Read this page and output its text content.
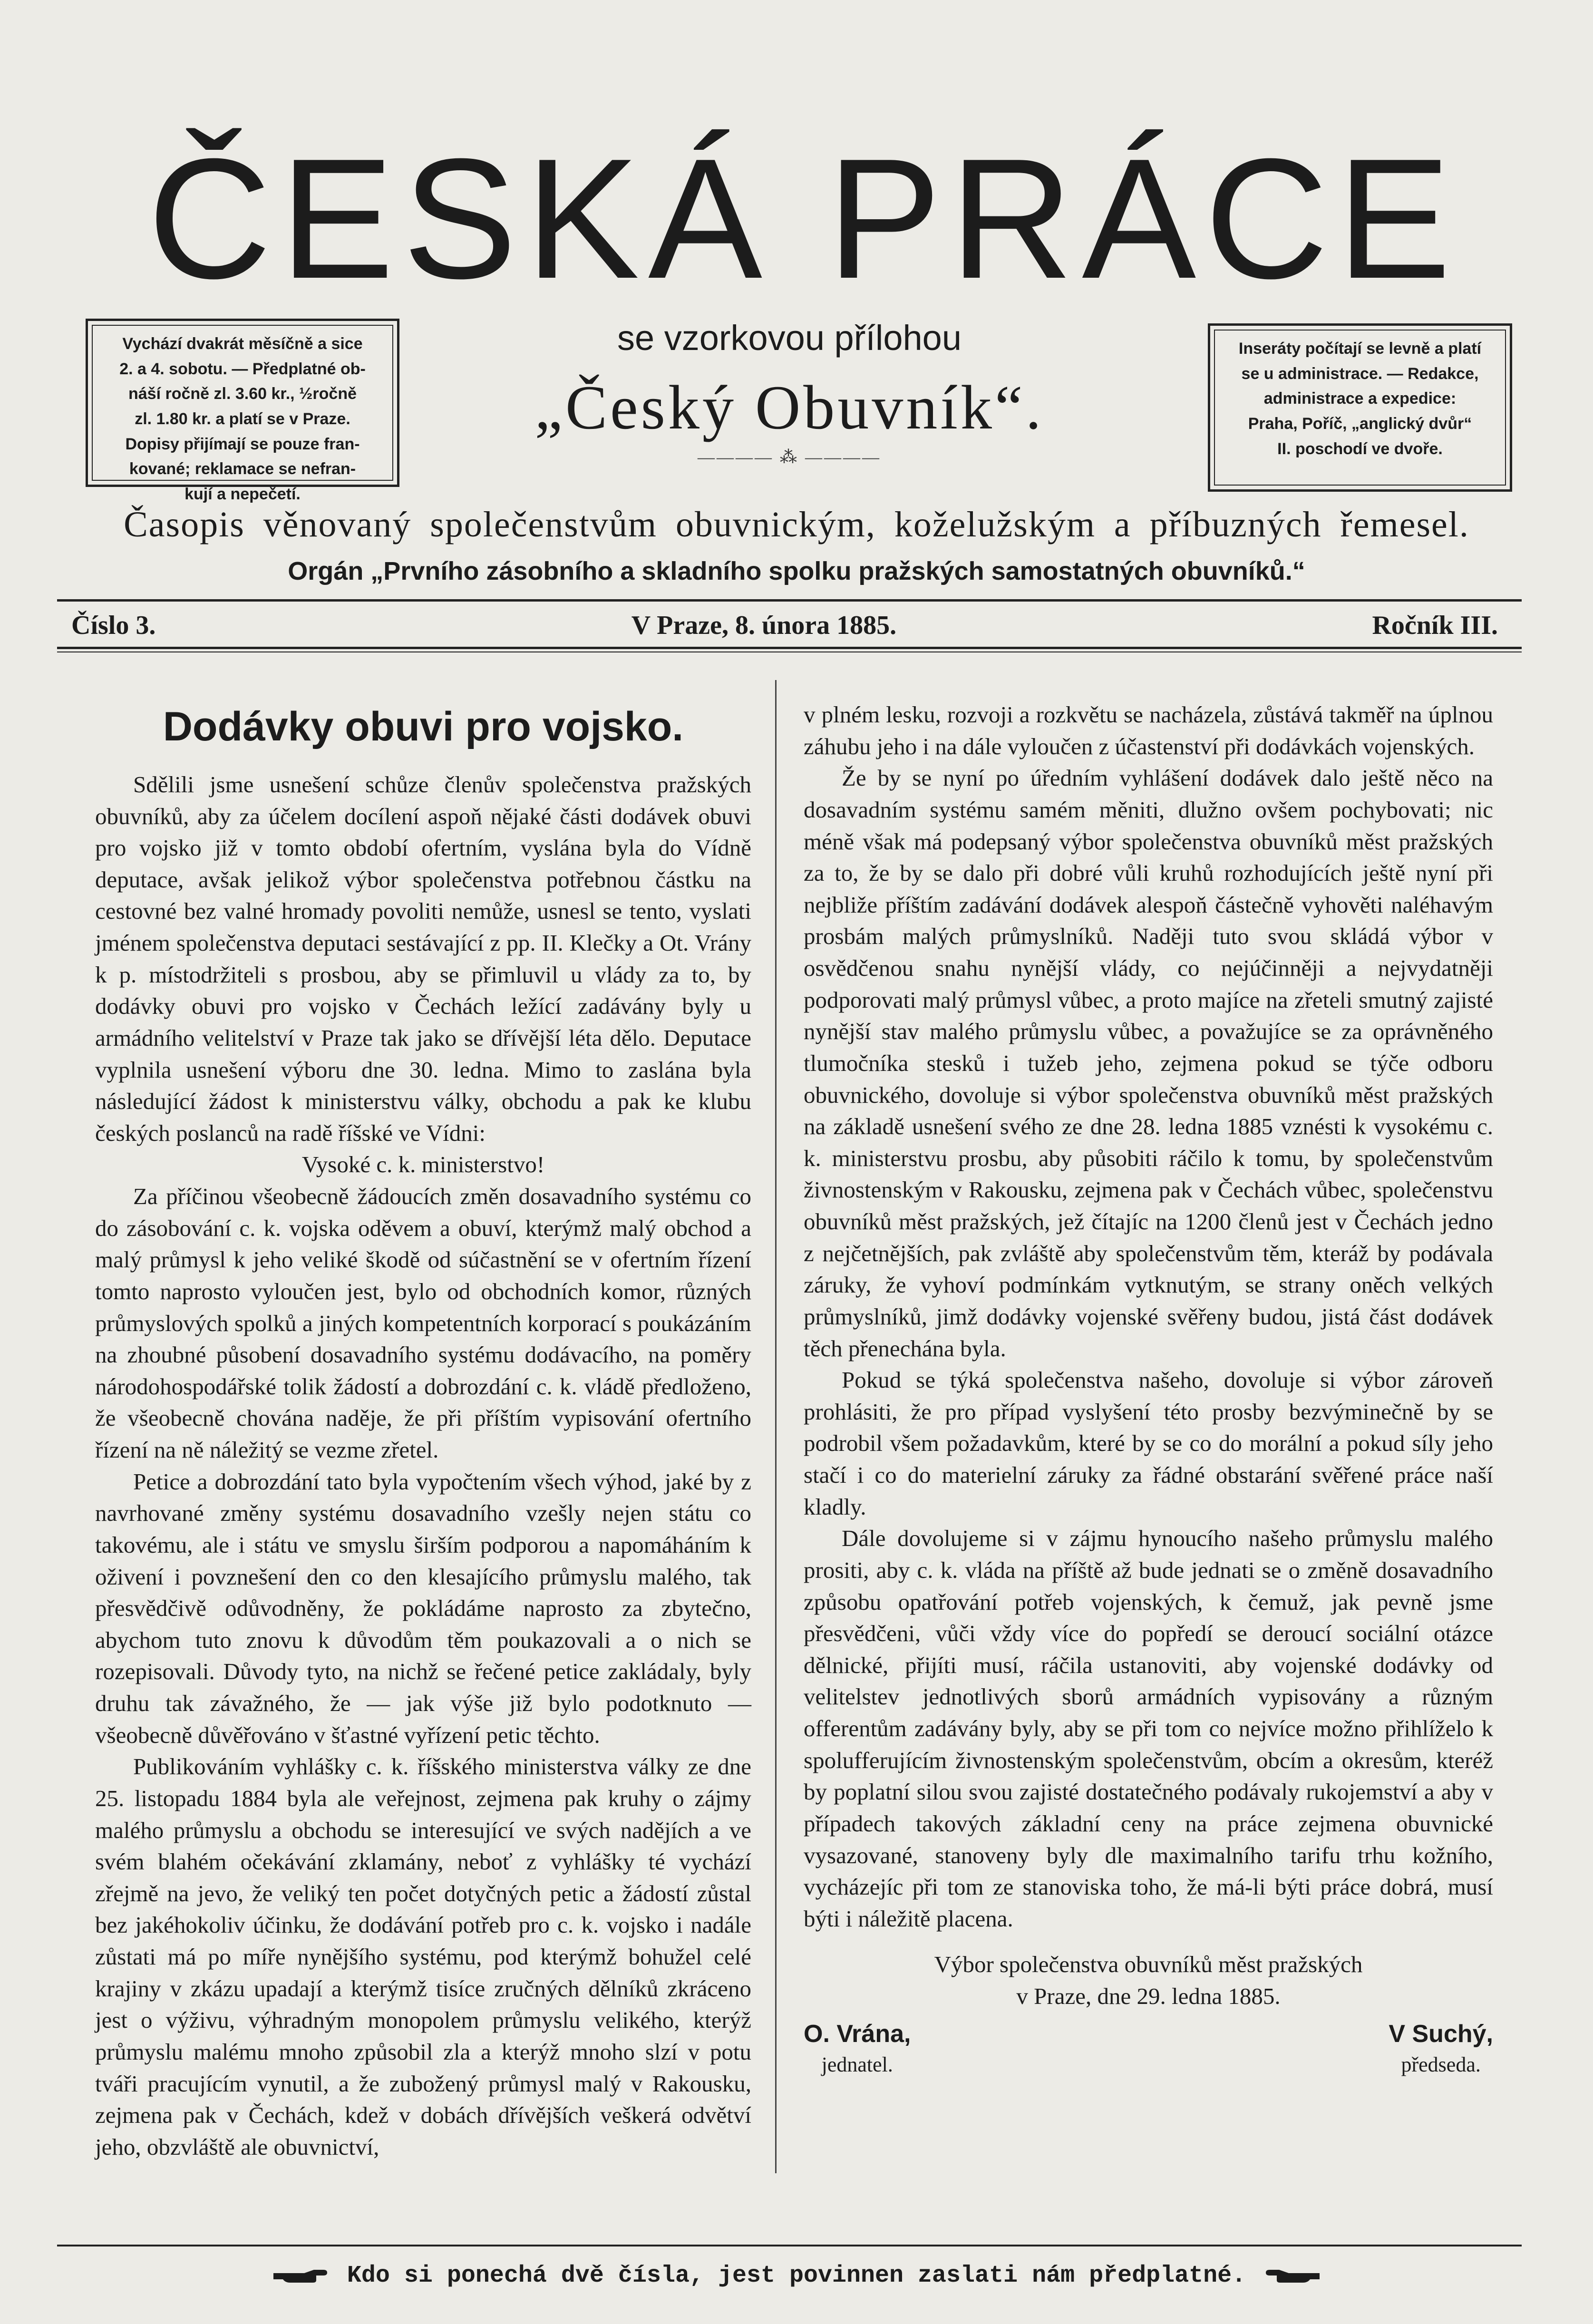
ČESKÁ PRÁCE

Vychází dvakrát měsíčně a sice

2. a 4. sobotu. — Předplatné ob-

náší ročně zl. 3.60 kr., ½ročně

zl. 1.80 kr. a platí se v Praze.

Dopisy přijímají se pouze fran-

kované; reklamace se nefran-

kují a nepečetí.

se vzorkovou přílohou
„Český Obuvník“.
———— ⁂ ————

Inseráty počítají se levně a platí

se u administrace. — Redakce,

administrace a expedice:

Praha, Poříč, „anglický dvůr“

II. poschodí ve dvoře.

Časopis věnovaný společenstvům obuvnickým, koželužským a příbuzných řemesel.
Orgán „Prvního zásobního a skladního spolku pražských samostatných obuvníků.“
Číslo 3.	V Praze, 8. února 1885.	Ročník III.
Dodávky obuvi pro vojsko.

Sdělili jsme usnešení schůze členův společenstva pražských obuvníků, aby za účelem docílení aspoň nějaké části dodávek obuvi pro vojsko již v tomto období ofertním, vyslána byla do Vídně deputace, avšak jelikož výbor společenstva potřebnou částku na cestovné bez valné hromady povoliti nemůže, usnesl se tento, vyslati jménem společenstva deputaci sestávající z pp. II. Klečky a Ot. Vrány k p. místodržiteli s prosbou, aby se přimluvil u vlády za to, by dodávky obuvi pro vojsko v Čechách ležící zadávány byly u armádního velitelství v Praze tak jako se dřívější léta dělo. Deputace vyplnila usnešení výboru dne 30. ledna. Mimo to zaslána byla následující žádost k ministerstvu války, obchodu a pak ke klubu českých poslanců na radě říšské ve Vídni:

Vysoké c. k. ministerstvo!

Za příčinou všeobecně žádoucích změn dosavadního systému co do zásobování c. k. vojska oděvem a obuví, kterýmž malý obchod a malý průmysl k jeho veliké škodě od súčastnění se v ofertním řízení tomto naprosto vyloučen jest, bylo od obchodních komor, různých průmyslových spolků a jiných kompetentních korporací s poukázáním na zhoubné působení dosavadního systému dodávacího, na poměry národohospodářské tolik žádostí a dobrozdání c. k. vládě předloženo, že všeobecně chována naděje, že při příštím vypisování ofertního řízení na ně náležitý se vezme zřetel.

Petice a dobrozdání tato byla vypočtením všech výhod, jaké by z navrhované změny systému dosavadního vzešly nejen státu co takovému, ale i státu ve smyslu širším podporou a napomáháním k oživení i povznešení den co den klesajícího průmyslu malého, tak přesvědčivě odůvodněny, že pokládáme naprosto za zbytečno, abychom tuto znovu k důvodům těm poukazovali a o nich se rozepisovali. Důvody tyto, na nichž se řečené petice zakládaly, byly druhu tak závažného, že — jak výše již bylo podotknuto — všeobecně důvěřováno v šťastné vyřízení petic těchto.

Publikováním vyhlášky c. k. říšského ministerstva války ze dne 25. listopadu 1884 byla ale veřejnost, zejmena pak kruhy o zájmy malého průmyslu a obchodu se interesující ve svých nadějích a ve svém blahém očekávání zklamány, neboť z vyhlášky té vychází zřejmě na jevo, že veliký ten počet dotyčných petic a žádostí zůstal bez jakéhokoliv účinku, že dodávání potřeb pro c. k. vojsko i nadále zůstati má po míře nynějšího systému, pod kterýmž bohužel celé krajiny v zkázu upadají a kterýmž tisíce zručných dělníků zkráceno jest o výživu, výhradným monopolem průmyslu velikého, kterýž průmyslu malému mnoho způsobil zla a kterýž mnoho slzí v potu tváři pracujícím vynutil, a že zubožený průmysl malý v Rakousku, zejmena pak v Čechách, kdež v dobách dřívějších veškerá odvětví jeho, obzvláště ale obuvnictví,

v plném lesku, rozvoji a rozkvětu se nacházela, zůstává takměř na úplnou záhubu jeho i na dále vyloučen z účastenství při dodávkách vojenských.

Že by se nyní po úředním vyhlášení dodávek dalo ještě něco na dosavadním systému samém měniti, dlužno ovšem pochybovati; nic méně však má podepsaný výbor společenstva obuvníků měst pražských za to, že by se dalo při dobré vůli kruhů rozhodujících ještě nyní při nejbliže příštím zadávání dodávek alespoň částečně vyhověti naléhavým prosbám malých průmyslníků. Naději tuto svou skládá výbor v osvědčenou snahu nynější vlády, co nejúčinněji a nejvydatněji podporovati malý průmysl vůbec, a proto majíce na zřeteli smutný zajisté nynější stav malého průmyslu vůbec, a považujíce se za oprávněného tlumočníka stesků i tužeb jeho, zejmena pokud se týče odboru obuvnického, dovoluje si výbor společenstva obuvníků měst pražských na základě usnešení svého ze dne 28. ledna 1885 vznésti k vysokému c. k. ministerstvu prosbu, aby působiti ráčilo k tomu, by společenstvům živnostenským v Rakousku, zejmena pak v Čechách vůbec, společenstvu obuvníků měst pražských, jež čítajíc na 1200 členů jest v Čechách jedno z nejčetnějších, pak zvláště aby společenstvům těm, kteráž by podávala záruky, že vyhoví podmínkám vytknutým, se strany oněch velkých průmyslníků, jimž dodávky vojenské svěřeny budou, jistá část dodávek těch přenechána byla.

Pokud se týká společenstva našeho, dovoluje si výbor zároveň prohlásiti, že pro případ vyslyšení této prosby bezvýminečně by se podrobil všem požadavkům, které by se co do morální a pokud síly jeho stačí i co do materielní záruky za řádné obstarání svěřené práce naší kladly.

Dále dovolujeme si v zájmu hynoucího našeho průmyslu malého prositi, aby c. k. vláda na příště až bude jednati se o změně dosavadního způsobu opatřování potřeb vojenských, k čemuž, jak pevně jsme přesvědčeni, vůči vždy více do popředí se deroucí sociální otázce dělnické, přijíti musí, ráčila ustanoviti, aby vojenské dodávky od velitelstev jednotlivých sborů armádních vypisovány a různým offerentům zadávány byly, aby se při tom co nejvíce možno přihlíželo k spolufferujícím živnostenským společenstvům, obcím a okresům, kteréž by poplatní silou svou zajisté dostatečného podávaly rukojemství a aby v případech takových základní ceny na práce zejmena obuvnické vysazované, stanoveny byly dle maximalního tarifu trhu kožního, vycházejíc při tom ze stanoviska toho, že má-li býti práce dobrá, musí býti i náležitě placena.

Výbor společenstva obuvníků měst pražských

v Praze, dne 29. ledna 1885.
O. Vrána,
jednatel.
V Suchý,
předseda.
Kdo si ponechá dvě čísla, jest povinnen zaslati nám předplatné.
